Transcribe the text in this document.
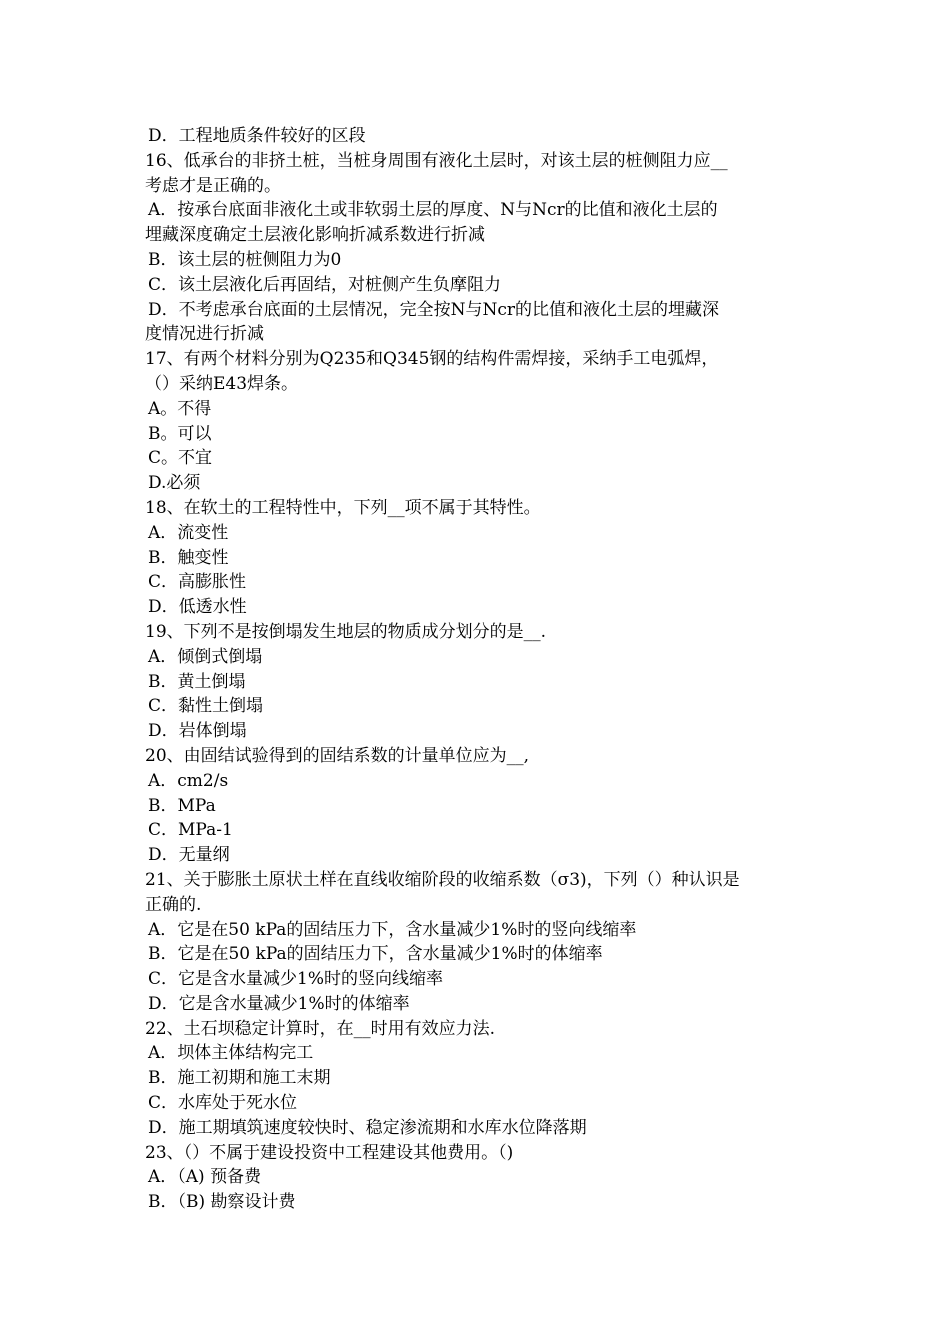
D．工程地质条件较好的区段
16、低承台的非挤土桩，当桩身周围有液化土层时，对该土层的桩侧阻力应__
考虑才是正确的。
A．按承台底面非液化土或非软弱土层的厚度、N与Ncr的比值和液化土层的
埋藏深度确定土层液化影响折减系数进行折减
B．该土层的桩侧阻力为0
C．该土层液化后再固结，对桩侧产生负摩阻力
D．不考虑承台底面的土层情况，完全按N与Ncr的比值和液化土层的埋藏深
度情况进行折减
17、有两个材料分别为Q235和Q345钢的结构件需焊接，采纳手工电弧焊，
（）采纳E43焊条。
A。不得
B。可以
C。不宜
D.必须
18、在软土的工程特性中，下列__项不属于其特性。
A．流变性
B．触变性
C．高膨胀性
D．低透水性
19、下列不是按倒塌发生地层的物质成分划分的是__.
A．倾倒式倒塌
B．黄土倒塌
C．黏性土倒塌
D．岩体倒塌
20、由固结试验得到的固结系数的计量单位应为__,
A．cm2/s
B．MPa
C．MPa-1
D．无量纲
21、关于膨胀土原状土样在直线收缩阶段的收缩系数（σ3)，下列（）种认识是
正确的.
A．它是在50 kPa的固结压力下，含水量减少1%时的竖向线缩率
B．它是在50 kPa的固结压力下，含水量减少1%时的体缩率
C．它是含水量减少1%时的竖向线缩率
D．它是含水量减少1%时的体缩率
22、土石坝稳定计算时，在__时用有效应力法.
A．坝体主体结构完工
B．施工初期和施工末期
C．水库处于死水位
D．施工期填筑速度较快时、稳定渗流期和水库水位降落期
23、（）不属于建设投资中工程建设其他费用。（)
A．（A) 预备费
B．（B) 勘察设计费
